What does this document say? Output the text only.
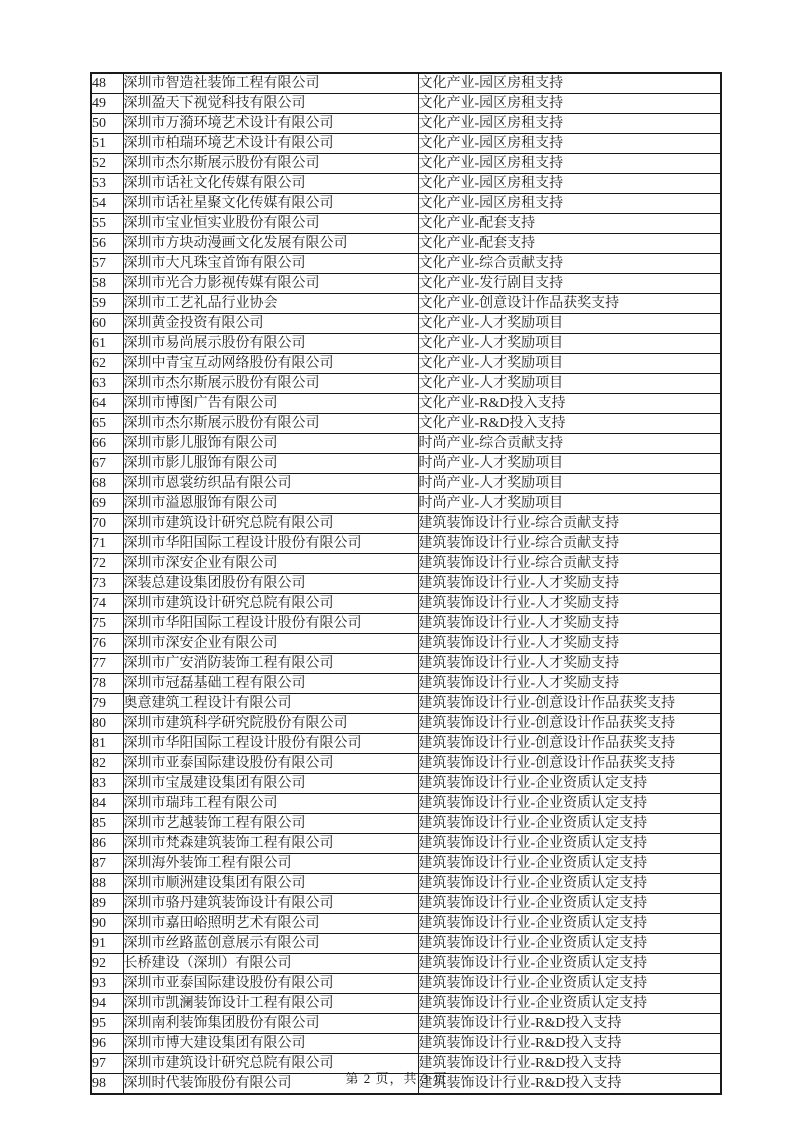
48	深圳市智造社装饰工程有限公司	文化产业-园区房租支持
49	深圳盈天下视觉科技有限公司	文化产业-园区房租支持
50	深圳市万漪环境艺术设计有限公司	文化产业-园区房租支持
51	深圳市柏瑞环境艺术设计有限公司	文化产业-园区房租支持
52	深圳市杰尔斯展示股份有限公司	文化产业-园区房租支持
53	深圳市话社文化传媒有限公司	文化产业-园区房租支持
54	深圳市话社星聚文化传媒有限公司	文化产业-园区房租支持
55	深圳市宝业恒实业股份有限公司	文化产业-配套支持
56	深圳市方块动漫画文化发展有限公司	文化产业-配套支持
57	深圳市大凡珠宝首饰有限公司	文化产业-综合贡献支持
58	深圳市光合力影视传媒有限公司	文化产业-发行剧目支持
59	深圳市工艺礼品行业协会	文化产业-创意设计作品获奖支持
60	深圳黄金投资有限公司	文化产业-人才奖励项目
61	深圳市易尚展示股份有限公司	文化产业-人才奖励项目
62	深圳中青宝互动网络股份有限公司	文化产业-人才奖励项目
63	深圳市杰尔斯展示股份有限公司	文化产业-人才奖励项目
64	深圳市博图广告有限公司	文化产业-R&D投入支持
65	深圳市杰尔斯展示股份有限公司	文化产业-R&D投入支持
66	深圳市影儿服饰有限公司	时尚产业-综合贡献支持
67	深圳市影儿服饰有限公司	时尚产业-人才奖励项目
68	深圳市恩裳纺织品有限公司	时尚产业-人才奖励项目
69	深圳市溢恩服饰有限公司	时尚产业-人才奖励项目
70	深圳市建筑设计研究总院有限公司	建筑装饰设计行业-综合贡献支持
71	深圳市华阳国际工程设计股份有限公司	建筑装饰设计行业-综合贡献支持
72	深圳市深安企业有限公司	建筑装饰设计行业-综合贡献支持
73	深装总建设集团股份有限公司	建筑装饰设计行业-人才奖励支持
74	深圳市建筑设计研究总院有限公司	建筑装饰设计行业-人才奖励支持
75	深圳市华阳国际工程设计股份有限公司	建筑装饰设计行业-人才奖励支持
76	深圳市深安企业有限公司	建筑装饰设计行业-人才奖励支持
77	深圳市广安消防装饰工程有限公司	建筑装饰设计行业-人才奖励支持
78	深圳市冠磊基础工程有限公司	建筑装饰设计行业-人才奖励支持
79	奥意建筑工程设计有限公司	建筑装饰设计行业-创意设计作品获奖支持
80	深圳市建筑科学研究院股份有限公司	建筑装饰设计行业-创意设计作品获奖支持
81	深圳市华阳国际工程设计股份有限公司	建筑装饰设计行业-创意设计作品获奖支持
82	深圳市亚泰国际建设股份有限公司	建筑装饰设计行业-创意设计作品获奖支持
83	深圳市宝晟建设集团有限公司	建筑装饰设计行业-企业资质认定支持
84	深圳市瑞玮工程有限公司	建筑装饰设计行业-企业资质认定支持
85	深圳市艺越装饰工程有限公司	建筑装饰设计行业-企业资质认定支持
86	深圳市梵森建筑装饰工程有限公司	建筑装饰设计行业-企业资质认定支持
87	深圳海外装饰工程有限公司	建筑装饰设计行业-企业资质认定支持
88	深圳市顺洲建设集团有限公司	建筑装饰设计行业-企业资质认定支持
89	深圳市骆丹建筑装饰设计有限公司	建筑装饰设计行业-企业资质认定支持
90	深圳市嘉田峪照明艺术有限公司	建筑装饰设计行业-企业资质认定支持
91	深圳市丝路蓝创意展示有限公司	建筑装饰设计行业-企业资质认定支持
92	长桥建设（深圳）有限公司	建筑装饰设计行业-企业资质认定支持
93	深圳市亚泰国际建设股份有限公司	建筑装饰设计行业-企业资质认定支持
94	深圳市凯澜装饰设计工程有限公司	建筑装饰设计行业-企业资质认定支持
95	深圳南利装饰集团股份有限公司	建筑装饰设计行业-R&D投入支持
96	深圳市博大建设集团有限公司	建筑装饰设计行业-R&D投入支持
97	深圳市建筑设计研究总院有限公司	建筑装饰设计行业-R&D投入支持
98	深圳时代装饰股份有限公司	建筑装饰设计行业-R&D投入支持
第 2 页，共 3 页
